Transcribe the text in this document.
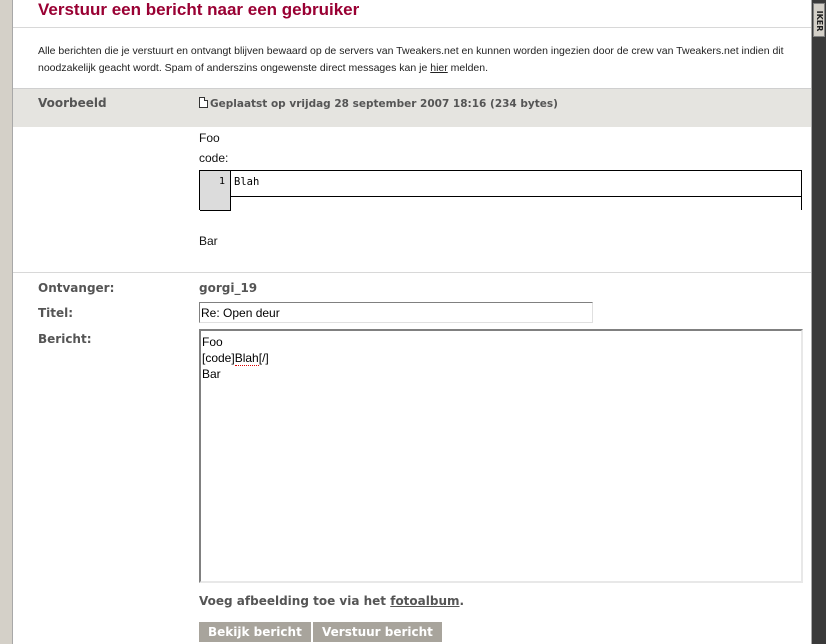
Verstuur een bericht naar een gebruiker
Alle berichten die je verstuurt en ontvangt blijven bewaard op de servers van Tweakers.net en kunnen worden ingezien door de crew van Tweakers.net indien dit noodzakelijk geacht wordt. Spam of anderszins ongewenste direct messages kan je hier melden.
Voorbeeld	Geplaatst op vrijdag 28 september 2007 18:16 (234 bytes)
Foo
code:
1 Blah
Bar
Ontvanger:	gorgi_19
Titel:
Re: Open deur
Bericht:	Foo
[code]Blah[/]
Bar
Voeg afbeelding toe via het fotoalbum.
Bekijk bericht	Verstuur bericht
IKER
